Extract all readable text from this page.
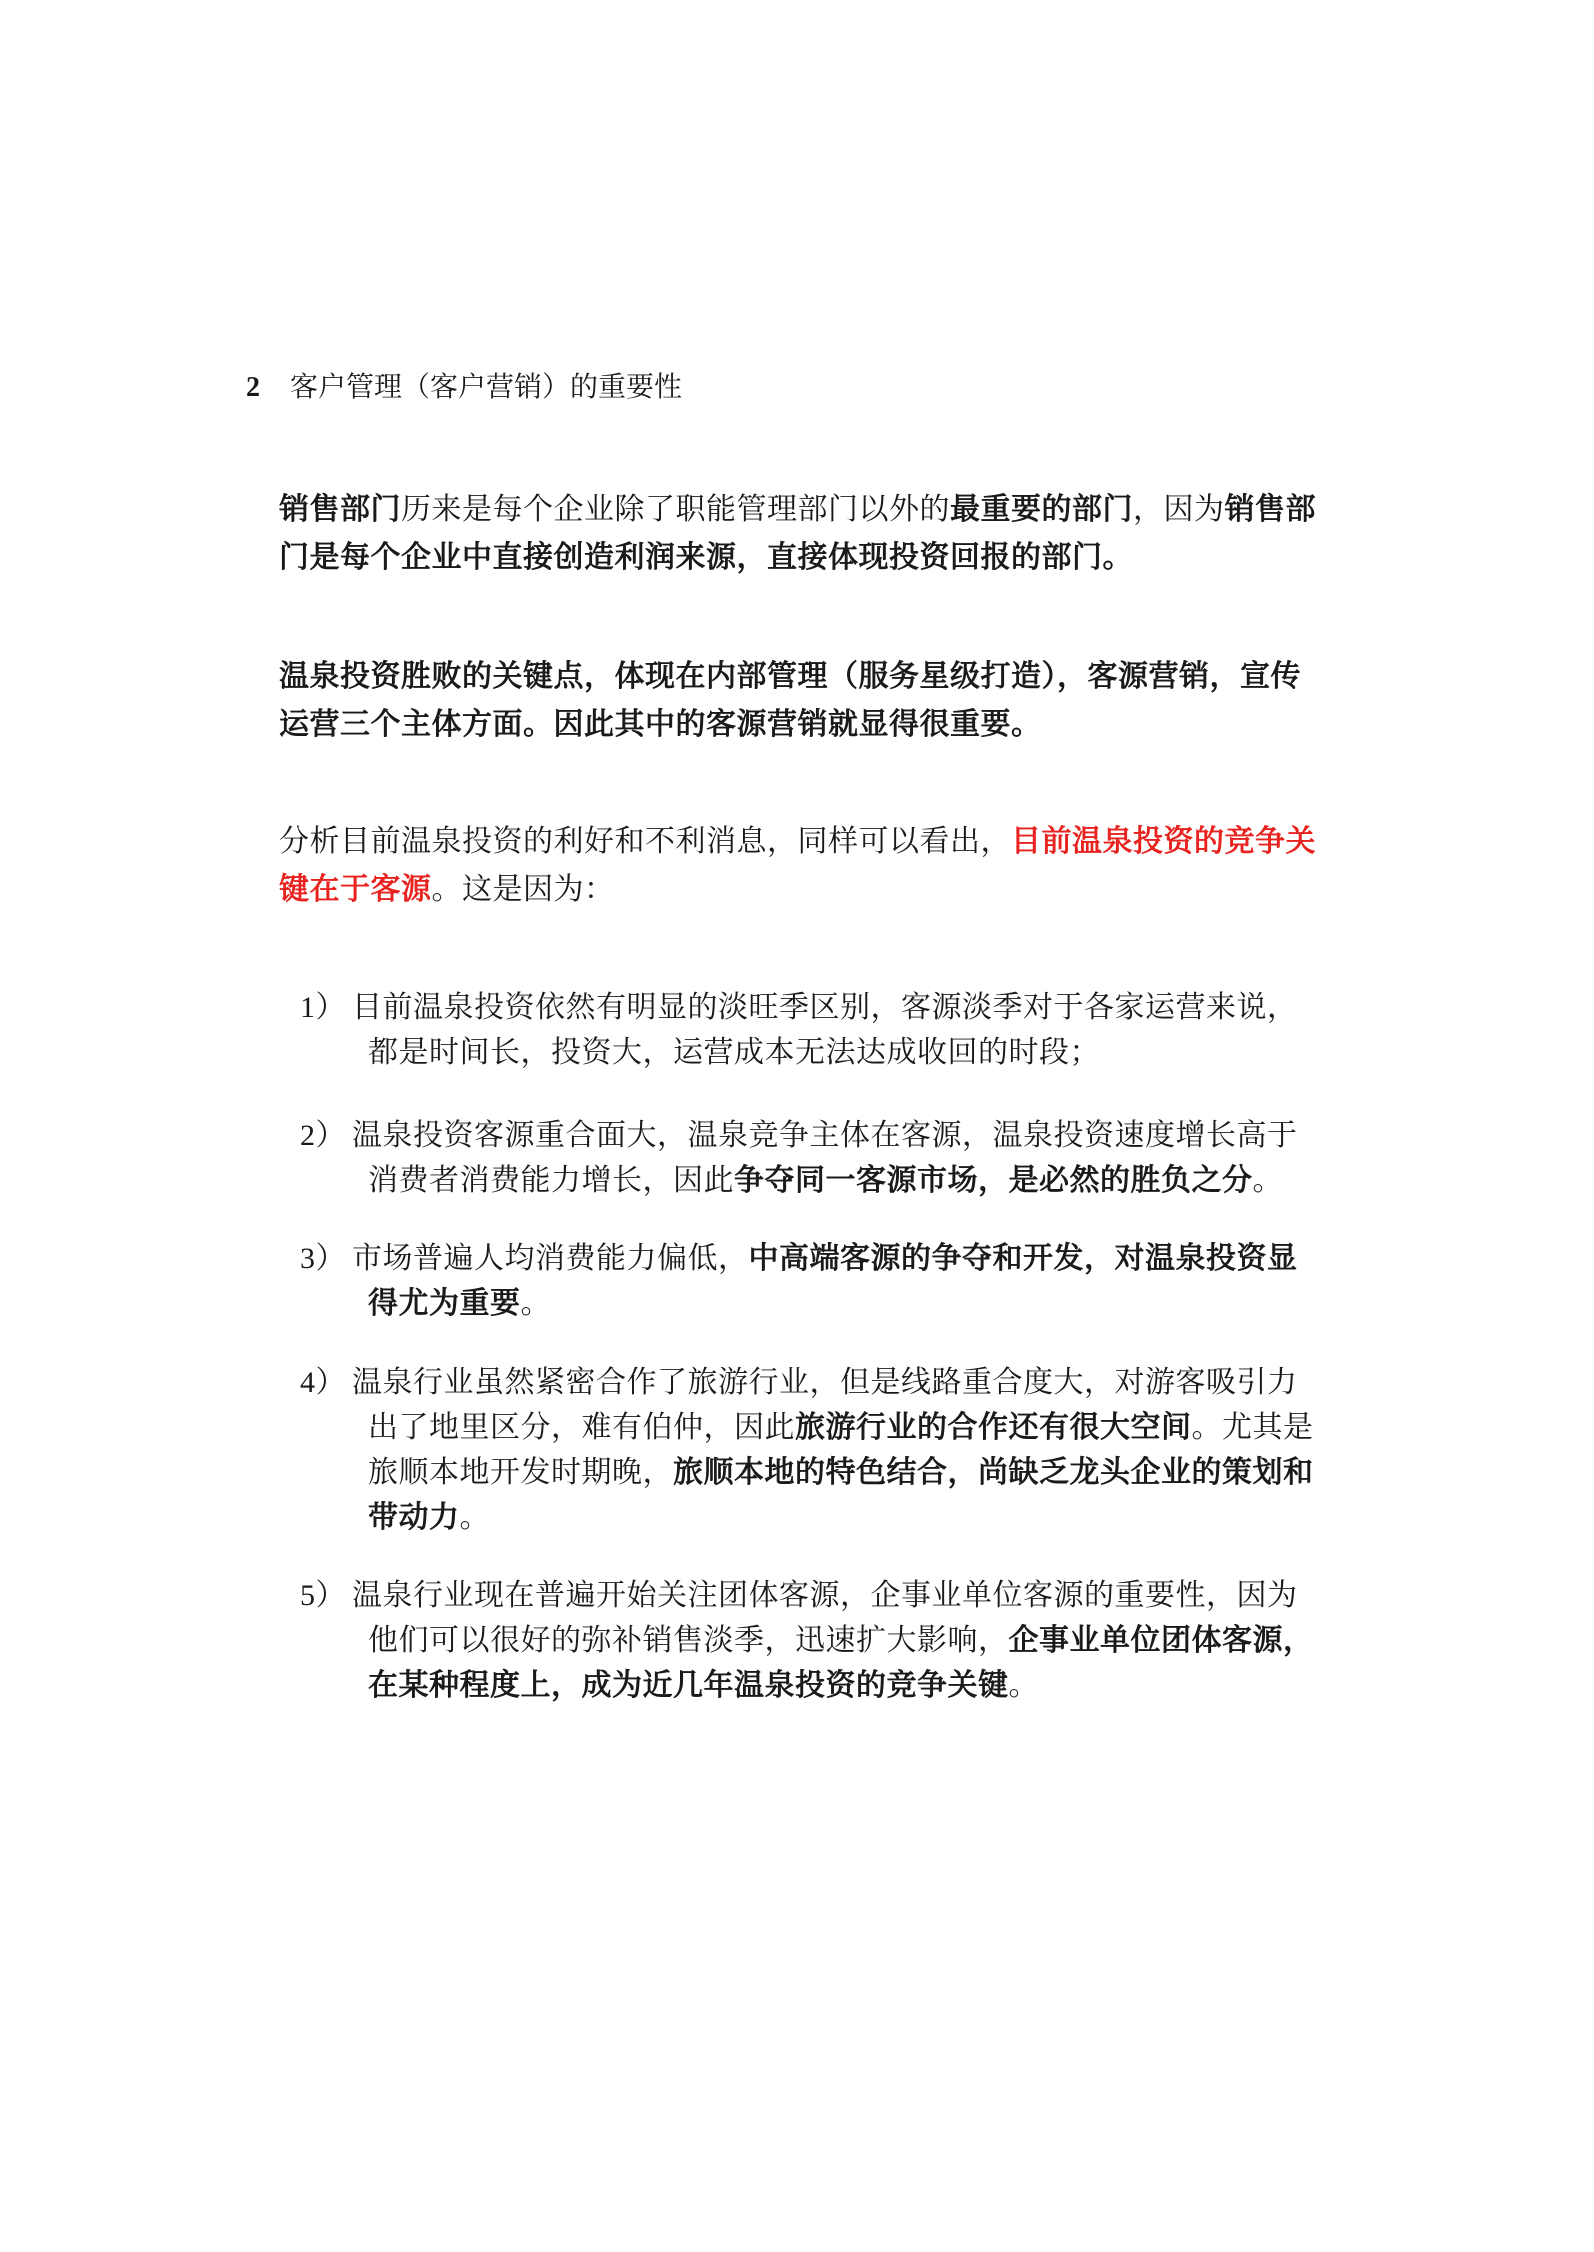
2 客户管理（客户营销）的重要性
销售部门历来是每个企业除了职能管理部门以外的最重要的部门，因为销售部
门是每个企业中直接创造利润来源，直接体现投资回报的部门。
温泉投资胜败的关键点，体现在内部管理（服务星级打造），客源营销，宣传
运营三个主体方面。因此其中的客源营销就显得很重要。
分析目前温泉投资的利好和不利消息，同样可以看出，目前温泉投资的竞争关
键在于客源。这是因为：
1） 目前温泉投资依然有明显的淡旺季区别，客源淡季对于各家运营来说，
都是时间长，投资大，运营成本无法达成收回的时段；
2） 温泉投资客源重合面大，温泉竞争主体在客源，温泉投资速度增长高于
消费者消费能力增长，因此争夺同一客源市场，是必然的胜负之分。
3） 市场普遍人均消费能力偏低，中高端客源的争夺和开发，对温泉投资显
得尤为重要。
4） 温泉行业虽然紧密合作了旅游行业，但是线路重合度大，对游客吸引力
出了地里区分，难有伯仲，因此旅游行业的合作还有很大空间。尤其是
旅顺本地开发时期晚，旅顺本地的特色结合，尚缺乏龙头企业的策划和
带动力。
5） 温泉行业现在普遍开始关注团体客源，企事业单位客源的重要性，因为
他们可以很好的弥补销售淡季，迅速扩大影响，企事业单位团体客源，
在某种程度上，成为近几年温泉投资的竞争关键。
